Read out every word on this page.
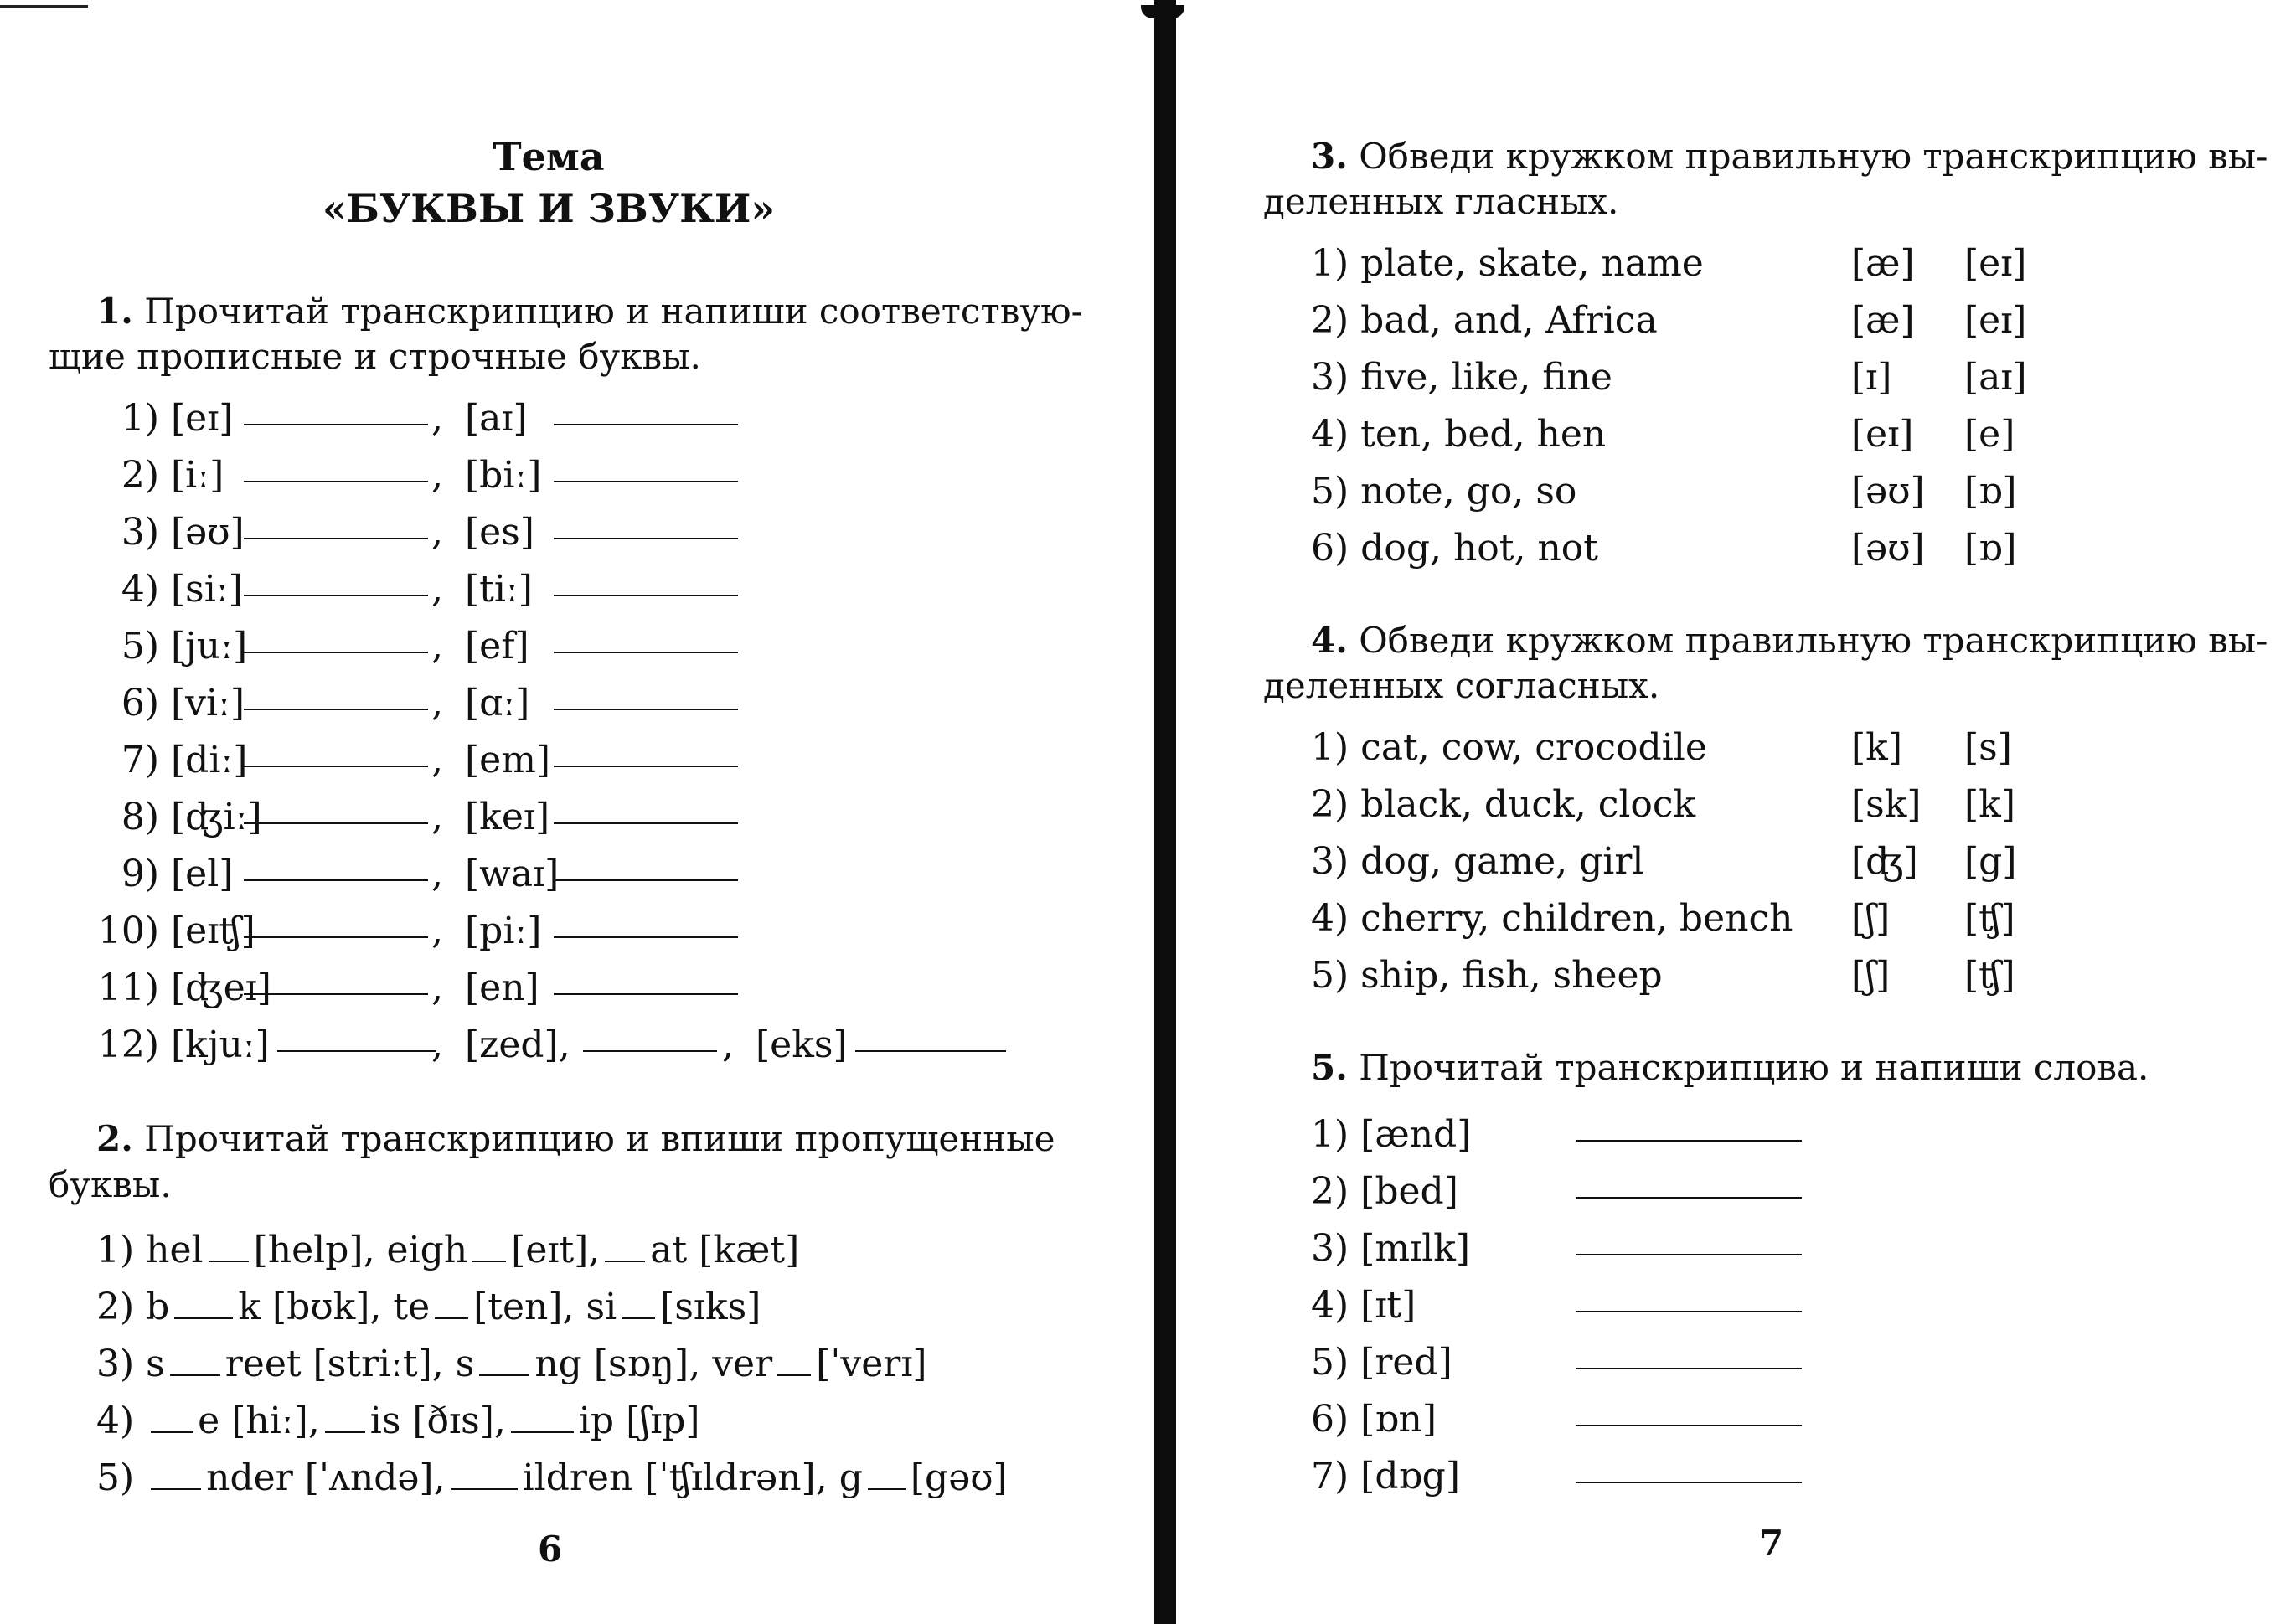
Тема
«БУКВЫ И ЗВУКИ»
1. Прочитай транскрипцию и напиши соответствую-
щие прописные и строчные буквы.
1) [eɪ]	, [aɪ]
2) [iː]	, [biː]
3) [əʊ]	, [es]
4) [siː]	, [tiː]
5) [juː]	, [ef]
6) [viː]	, [ɑː]
7) [diː]	, [em]
8) [ʤiː]	, [keɪ]
9) [el]	, [waɪ]
10) [eɪʧ]	, [piː]
11) [ʤeɪ]	, [en]
12) [kjuː]	, [zed],	, [eks]
2. Прочитай транскрипцию и впиши пропущенные
буквы.
1) hel [help], eigh [eɪt], at [kæt]
2) b k [bʊk], te [ten], si [sɪks]
3) s reet [striːt], s ng [sɒŋ], ver [ˈverɪ]
4) e [hiː], is [ðɪs], ip [ʃɪp]
5) nder [ˈʌndə], ildren [ˈʧɪldrən], g [gəʊ]
6
3. Обведи кружком правильную транскрипцию вы-
деленных гласных.
1) plate, skate, name	[æ] [eɪ]
2) bad, and, Africa	[æ] [eɪ]
3) five, like, fine	[ɪ] [aɪ]
4) ten, bed, hen	[eɪ] [e]
5) note, go, so	[əʊ] [ɒ]
6) dog, hot, not	[əʊ] [ɒ]
4. Обведи кружком правильную транскрипцию вы-
деленных согласных.
1) cat, cow, crocodile	[k] [s]
2) black, duck, clock	[sk] [k]
3) dog, game, girl	[ʤ] [g]
4) cherry, children, bench [ʃ] [ʧ]
5) ship, fish, sheep	[ʃ] [ʧ]
5. Прочитай транскрипцию и напиши слова.
1) [ænd]
2) [bed]
3) [mɪlk]
4) [ɪt]
5) [red]
6) [ɒn]
7) [dɒg]
7
